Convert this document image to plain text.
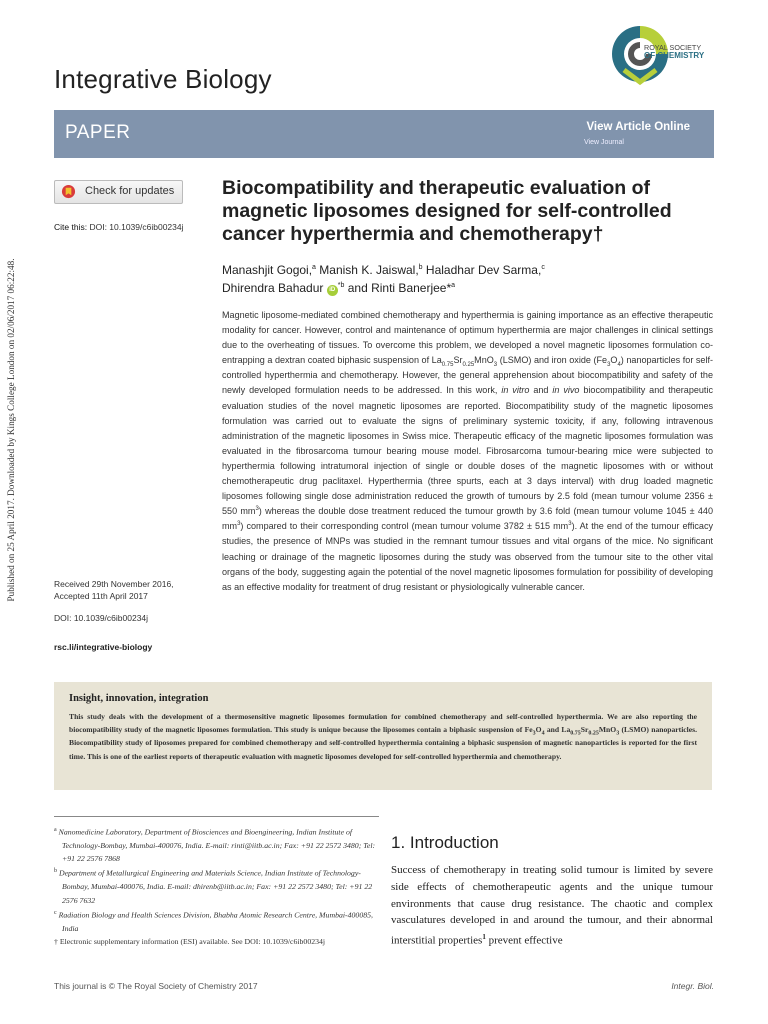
Published on 25 April 2017. Downloaded by Kings College London on 02/06/2017 06:22:48.
Integrative Biology
ROYAL SOCIETY
OF CHEMISTRY
PAPER	View Article Online
View Journal
Check for updates
Cite this: DOI: 10.1039/c6ib00234j
Biocompatibility and therapeutic evaluation of magnetic liposomes designed for self-controlled cancer hyperthermia and chemotherapy†
Manashjit Gogoi,$^a$ Manish K. Jaiswal,$^b$ Haladhar Dev Sarma,$^c$
Dhirendra Bahadur $iD^{*b}$ and Rinti Banerjee*$^a$

Magnetic liposome-mediated combined chemotherapy and hyperthermia is gaining importance as an effective therapeutic modality for cancer. However, control and maintenance of optimum hyperthermia are major challenges in clinical settings due to the overheating of tissues. To overcome this problem, we developed a novel magnetic liposomes formulation co-entrapping a dextran coated biphasic suspension of $La_{0.75}Sr_{0.25}MnO_3$ (LSMO) and iron oxide $(Fe_3O_4)$ nanoparticles for self-controlled hyperthermia and chemotherapy. However, the general apprehension about biocompatibility and safety of the newly developed formulation needs to be addressed. In this work, in vitro and in vivo biocompatibility and therapeutic evaluation studies of the novel magnetic liposomes are reported. Biocompatibility study of the magnetic liposomes formulation was carried out to evaluate the signs of preliminary systemic toxicity, if any, following intravenous administration of the magnetic liposomes in Swiss mice. Therapeutic efficacy of the magnetic liposomes formulation was evaluated in the fibrosarcoma tumour bearing mouse model. Fibrosarcoma tumour-bearing mice were subjected to hyperthermia following intratumoral injection of single or double doses of the magnetic liposomes with or without chemotherapeutic drug paclitaxel. Hyperthermia (three spurts, each at 3 days interval) with drug loaded magnetic liposomes following single dose administration reduced the growth of tumours by 2.5 fold (mean tumour volume 2356 ± 550 $mm^3$) whereas the double dose treatment reduced the tumour growth by 3.6 fold (mean tumour volume 1045 ± 440 $mm^3$) compared to their corresponding control (mean tumour volume 3782 ± 515 $mm^3$). At the end of the tumour efficacy studies, the presence of MNPs was studied in the remnant tumour tissues and vital organs of the mice. No significant leaching or drainage of the magnetic liposomes during the study was observed from the tumour site to the other vital organs of the body, suggesting again the potential of the novel magnetic liposomes formulation for possibility of developing as an effective modality for treatment of drug resistant or physiologically vulnerable cancer.

Received 29th November 2016,
Accepted 11th April 2017
DOI: 10.1039/c6ib00234j
rsc.li/integrative-biology
Insight, innovation, integration
This study deals with the development of a thermosensitive magnetic liposomes formulation for combined chemotherapy and self-controlled hyperthermia. We are also reporting the biocompatibility study of the magnetic liposomes formulation. This study is unique because the liposomes contain a biphasic suspension of $Fe_3O_4$ and $La_{0.75}Sr_{0.25}MnO_3$ (LSMO) nanoparticles. Biocompatibility study of liposomes prepared for combined chemotherapy and self-controlled hyperthermia containing a biphasic suspension of magnetic nanoparticles is reported for the first time. This is one of the earliest reports of therapeutic evaluation with magnetic liposomes developed for self-controlled hyperthermia and chemotherapy.

$^a$ Nanomedicine Laboratory, Department of Biosciences and Bioengineering, Indian Institute of Technology-Bombay, Mumbai-400076, India. E-mail: rinti@iitb.ac.in; Fax: +91 22 2572 3480; Tel: +91 22 2576 7868

$^b$ Department of Metallurgical Engineering and Materials Science, Indian Institute of Technology-Bombay, Mumbai-400076, India. E-mail: dhirenb@iitb.ac.in; Fax: +91 22 2572 3480; Tel: +91 22 2576 7632

$^c$ Radiation Biology and Health Sciences Division, Bhabha Atomic Research Centre, Mumbai-400085, India

† Electronic supplementary information (ESI) available. See DOI: 10.1039/c6ib00234j

1. Introduction
Success of chemotherapy in treating solid tumour is limited by severe side effects of chemotherapeutic agents and the unique tumour environments that cause drug resistance. The chaotic and complex vasculatures developed in and around the tumour, and their abnormal interstitial properties$^1$ prevent effective
This journal is © The Royal Society of Chemistry 2017	Integr. Biol.
